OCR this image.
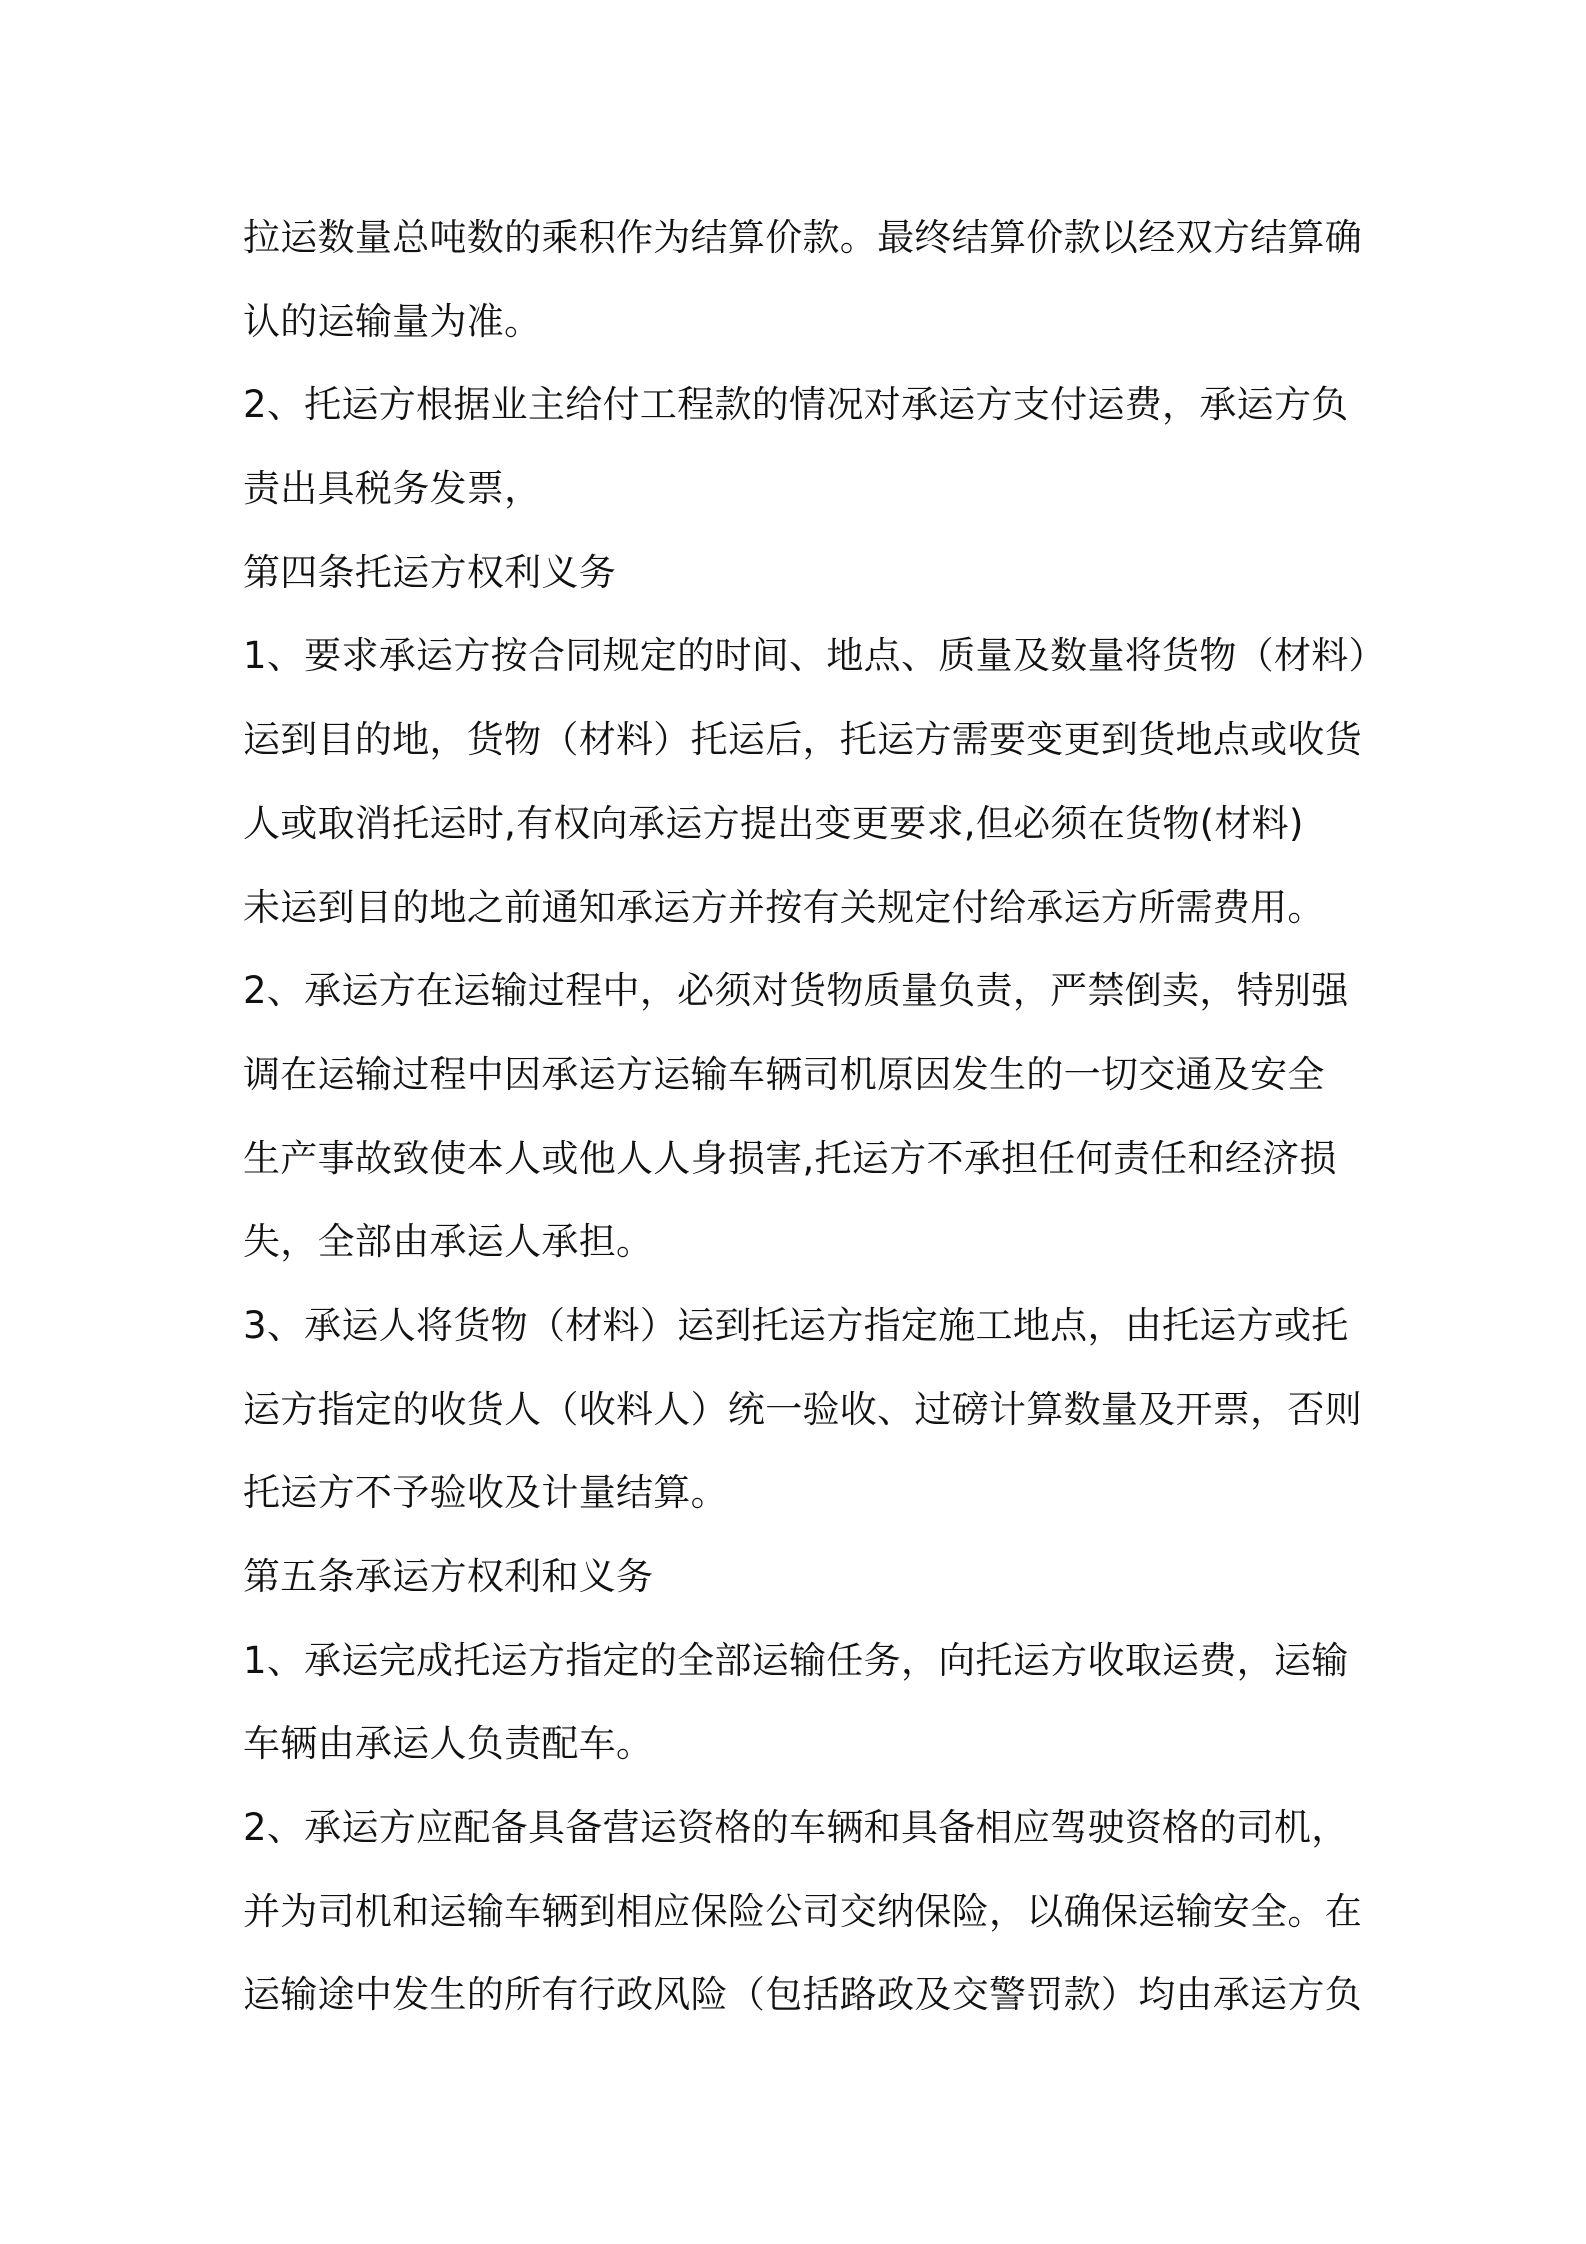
拉运数量总吨数的乘积作为结算价款。最终结算价款以经双方结算确
认的运输量为准。
2、托运方根据业主给付工程款的情况对承运方支付运费，承运方负
责出具税务发票，
第四条托运方权利义务
1、要求承运方按合同规定的时间、地点、质量及数量将货物（材料）
运到目的地，货物（材料）托运后，托运方需要变更到货地点或收货
人或取消托运时,有权向承运方提出变更要求,但必须在货物(材料)
未运到目的地之前通知承运方并按有关规定付给承运方所需费用。
2、承运方在运输过程中，必须对货物质量负责，严禁倒卖，特别强
调在运输过程中因承运方运输车辆司机原因发生的一切交通及安全
生产事故致使本人或他人人身损害,托运方不承担任何责任和经济损
失，全部由承运人承担。
3、承运人将货物（材料）运到托运方指定施工地点，由托运方或托
运方指定的收货人（收料人）统一验收、过磅计算数量及开票，否则
托运方不予验收及计量结算。
第五条承运方权利和义务
1、承运完成托运方指定的全部运输任务，向托运方收取运费，运输
车辆由承运人负责配车。
2、承运方应配备具备营运资格的车辆和具备相应驾驶资格的司机，
并为司机和运输车辆到相应保险公司交纳保险，以确保运输安全。在
运输途中发生的所有行政风险（包括路政及交警罚款）均由承运方负
